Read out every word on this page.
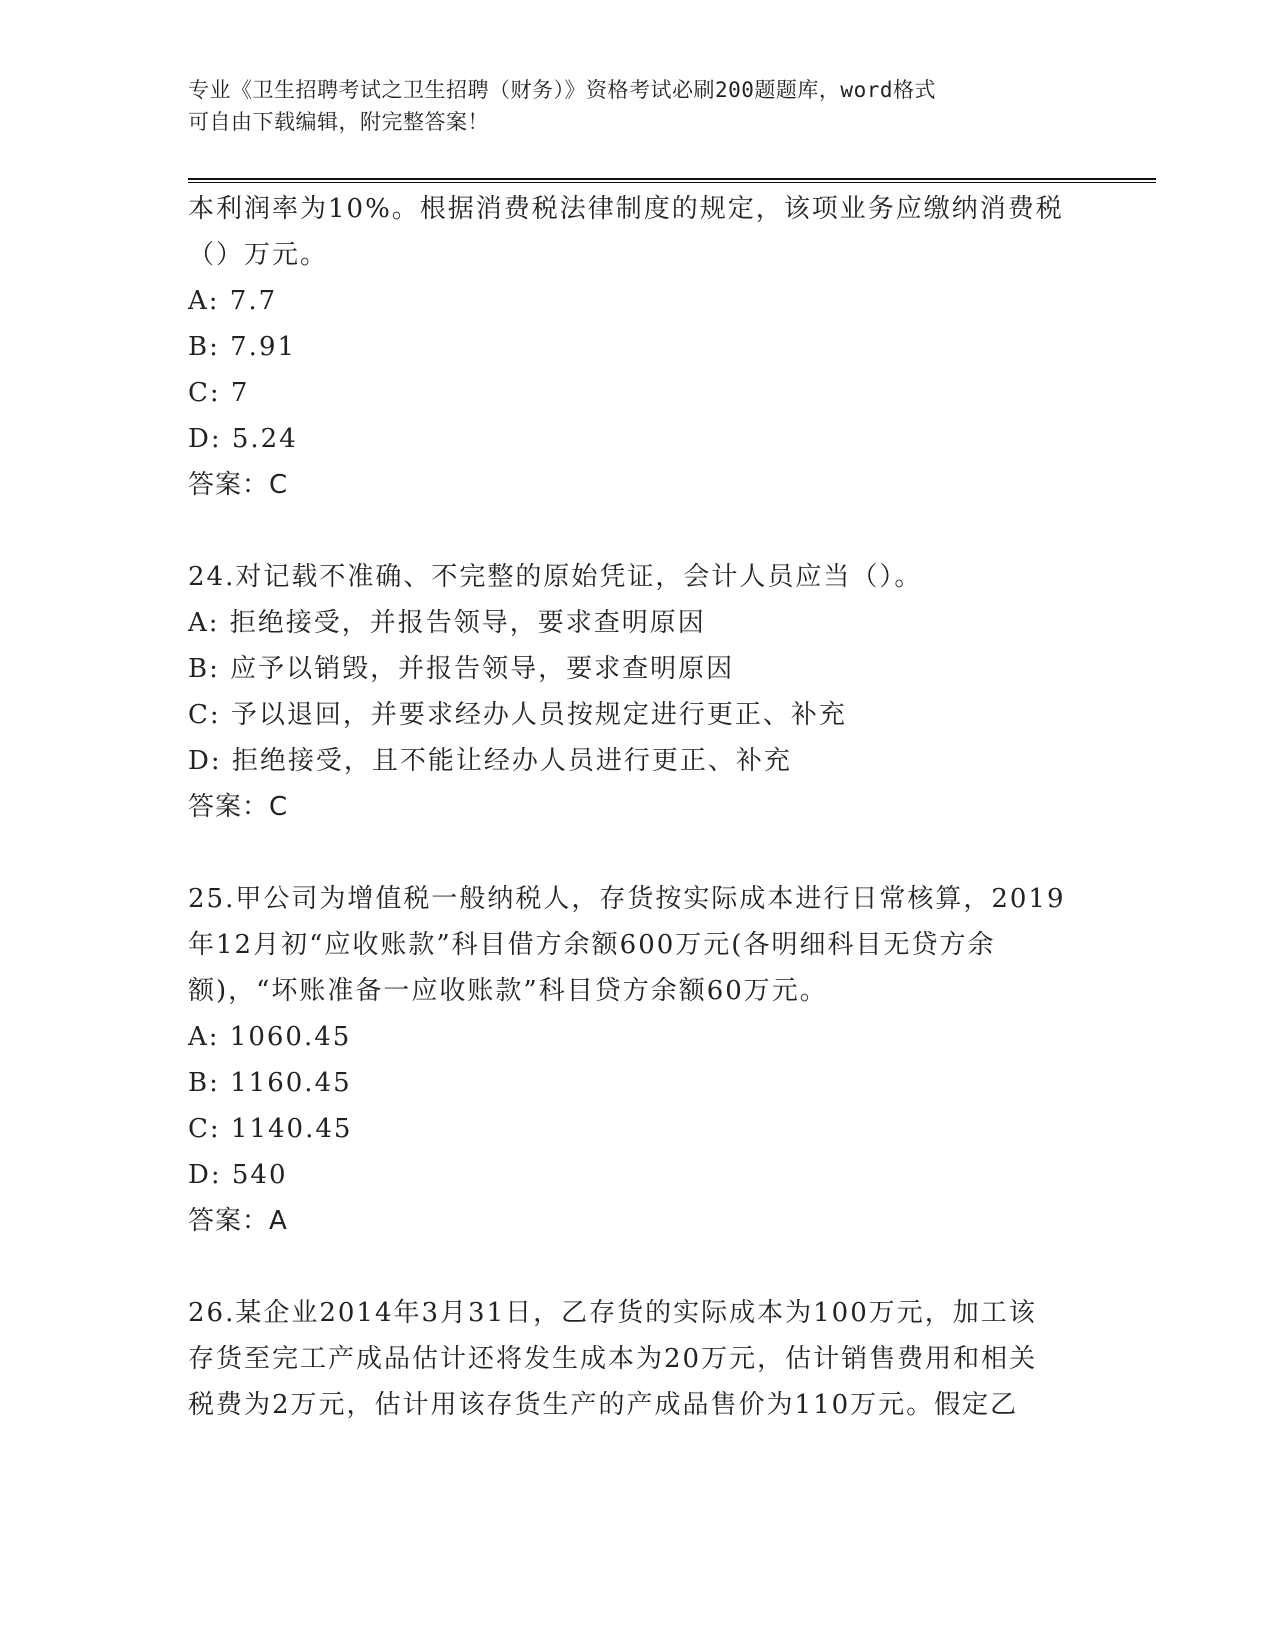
专业《卫生招聘考试之卫生招聘（财务）》资格考试必刷200题题库，word格式
可自由下载编辑，附完整答案！

本利润率为10%。根据消费税法律制度的规定，该项业务应缴纳消费税

（）万元。

A: 7.7

B: 7.91

C: 7

D: 5.24

答案：C

24.对记载不准确、不完整的原始凭证，会计人员应当（）。

A: 拒绝接受，并报告领导，要求查明原因

B: 应予以销毁，并报告领导，要求查明原因

C: 予以退回，并要求经办人员按规定进行更正、补充

D: 拒绝接受，且不能让经办人员进行更正、补充

答案：C

25.甲公司为增值税一般纳税人，存货按实际成本进行日常核算，2019

年12月初“应收账款”科目借方余额600万元(各明细科目无贷方余

额)，“坏账准备一应收账款”科目贷方余额60万元。

A: 1060.45

B: 1160.45

C: 1140.45

D: 540

答案：A

26.某企业2014年3月31日，乙存货的实际成本为100万元，加工该

存货至完工产成品估计还将发生成本为20万元，估计销售费用和相关

税费为2万元，估计用该存货生产的产成品售价为110万元。假定乙
